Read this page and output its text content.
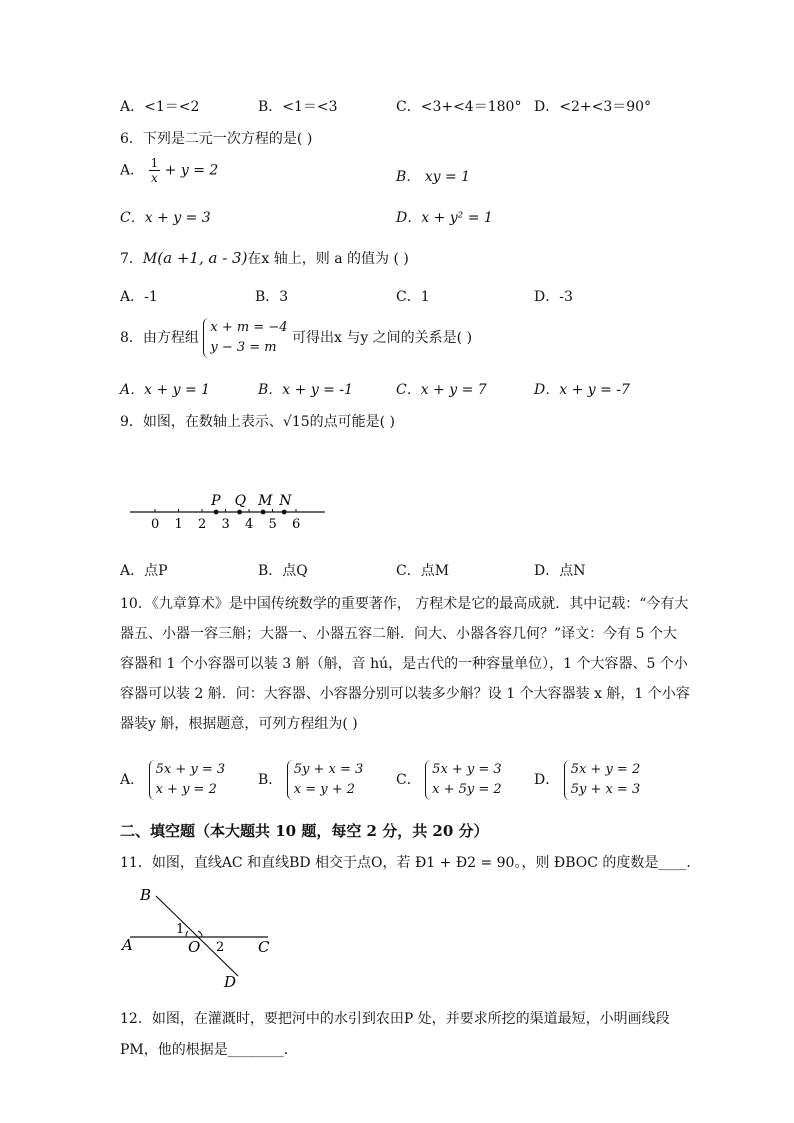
A．<1＝<2	B．<1＝<3	C．<3+<4＝180° D．<2+<3＝90°
6．下列是二元一次方程的是( )
A． $\frac{1}{x} + y = 2$	B． xy = 1
C．x + y = 3	D．x + y² = 1
7．M(a +1, a - 3)在x 轴上，则 a 的值为 ( )
A．-1	B．3	C．1	D．-3
8．由方程组
x + m = −4
y − 3 = m
可得出x 与y 之间的关系是( )
A．x + y = 1	B．x + y = -1	C．x + y = 7	D．x + y = -7
9．如图，在数轴上表示、√15的点可能是( )
0 1 2 3 4 5 6
P Q M N
A．点P	B．点Q	C．点M	D．点N
10．《九章算术》是中国传统数学的重要著作， 方程术是它的最高成就．其中记载：“今有大
器五、小器一容三斛；大器一、小器五容二斛．问大、小器各容几何？”译文：今有 5 个大
容器和 1 个小容器可以装 3 斛（斛，音 hú，是古代的一种容量单位），1 个大容器、5 个小
容器可以装 2 斛．问：大容器、小容器分别可以装多少斛？设 1 个大容器装 x 斛，1 个小容
器装y 斛，根据题意，可列方程组为( )
A．
5x + y = 3
x + y = 2
B．
5y + x = 3
x = y + 2
C．
5x + y = 3
x + 5y = 2
D．
5x + y = 2
5y + x = 3
二、填空题（本大题共 10 题，每空 2 分，共 20 分）
11．如图，直线AC 和直线BD 相交于点O，若 Ð1 + Ð2 = 90。，则 ÐBOC 的度数是____．
B
A	O	C
D
1
2
12．如图，在灌溉时，要把河中的水引到农田P 处，并要求所挖的渠道最短，小明画线段
PM，他的根据是________．
